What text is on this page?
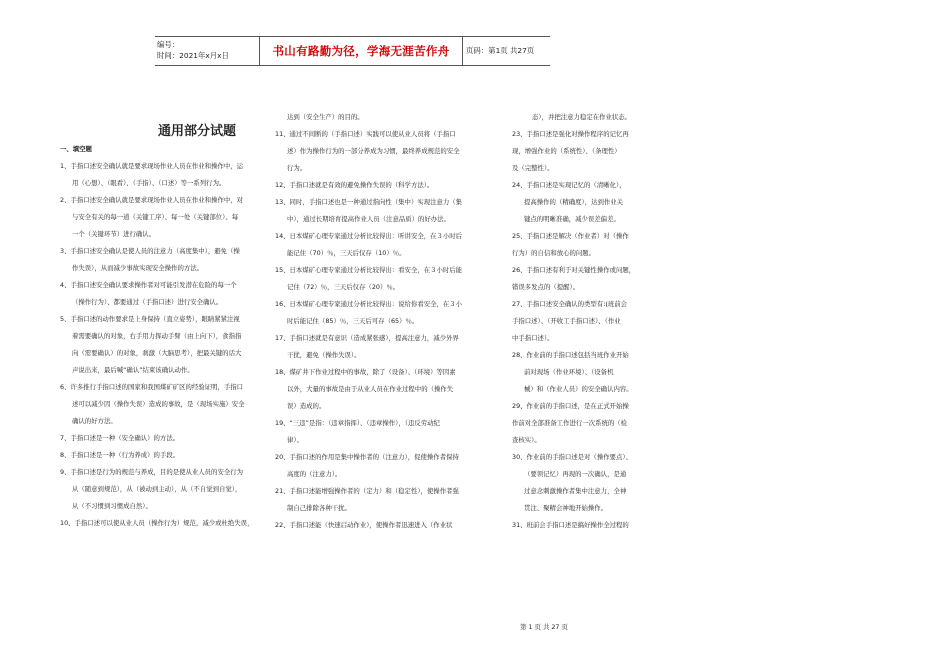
编号：
时间：2021年x月x日	书山有路勤为径，学海无涯苦作舟	页码：第1页 共27页
通用部分试题
一、填空题
1、手指口述安全确认就是要求现场作业人员在作业和操作中，运
用（心想）、（眼看）、（手指）、（口述）等一系列行为。
2、手指口述安全确认就是要求现场作业人员在作业和操作中，对
与安全有关的每一道（关键工序）、每一处（关键部位）、每
一个（关键环节）进行确认。
3、手指口述安全确认是使人员的注意力（高度集中），避免（操
作失误），从而减少事故实现安全操作的方法。
4、手指口述安全确认要求操作者对可能引发潜在危险的每一个
（操作行为）、都要通过（手指口述）进行安全确认。
5、手指口述的动作要求是上身保持（直立姿势），眼睛紧紧注视
着需要确认的对象，右手用力挥动手臂（由上向下），食指指
向（需要确认）的对象，刹激（大脑思考），把最关键的话大
声说出来，最后喊“确认”结束该确认动作。
6、许多推行手指口述的国家和我国煤矿矿区的经验证明，手指口
述可以减少因（操作失误）造成的事故，是（现场实施）安全
确认的好方法。
7、手指口述是一种（安全确认）的方法。
8、手指口述是一种（行为养成）的手段。
9、手指口述是行为的规范与养成，目的是使从业人员的安全行为
从（随意到规范），从（被动到主动），从（不自觉到自觉），
从（不习惯到习惯成自然）。
10、手指口述可以使从业人员（操作行为）规范，减少或杜绝失误，
达到（安全生产）的目的。
11、通过不间断的（手指口述）实践可以使从业人员将（手指口
述）作为操作行为的一部分养成为习惯，最终养成规范的安全
行为。
12、手指口述就是有效的避免操作失误的（科学方法）。
13、同时，手指口述也是一种通过指向性（集中）实现注意力（集
中），通过长期培育提高作业人员（注意品质）的好办法。
14、日本煤矿心理专家通过分析比较得出：听讲安全，在３小时后
能记住（70）％，三天后仅存（10）％。
15、日本煤矿心理专家通过分析比较得出：看安全，在３小时后能
记住（72）％，三天后仅存（20）％。
16、日本煤矿心理专家通过分析比较得出：说给你看安全，在３小
时后能记住（85）％，三天后可存（65）％。
17、手指口述就是有意识（造成紧张感），提高注意力，减少外界
干扰，避免（操作失误）。
18、煤矿井下作业过程中的事故，除了（设备）、（环境）等因素
以外，大量的事故是由于从业人员在作业过程中的（操作失
误）造成的。
19、“三违”是指：（违章指挥）、（违章操作），（违反劳动纪
律）。
20、手指口述的作用是集中操作者的（注意力），促使操作者保持
高度的（注意力）。
21、手指口述能增强操作者的（定力）和（稳定性），使操作者强
制自己排除各种干扰。
22、手指口述能（快速启动作业），使操作者迅速进入（作业状
态），并把注意力稳定在作业状态。
23、手指口述是强化对操作程序的记忆再
现，增强作业的（系统性）、（条理性）
及（完整性）。
24、手指口述是实现记忆的（清晰化），
提高操作的（精确度），达到作业关
键点的明晰准确，减少误差偏差。
25、手指口述是解决（作业者）对（操作
行为）的自信和放心的问题。
26、手指口述有利于对关键性操作或问题，
错误多发点的（提醒）。
27、手指口述安全确认的类型有:(班前会
手指口述）、（开收工手指口述）、（作业
中手指口述）。
28、作业前的手指口述包括当班作业开始
前对现场（作业环境）、（设备机
械）和（作业人员）的安全确认内容。
29、作业前的手指口述，是在正式开始操
作前对全部准备工作进行一次系统的（检
查核实）。
30、作业前的手指口述是对（操作要点）、
（要领记忆）再现的一次确认，是通
过意念刺激操作者集中注意力，全神
贯注、聚精会神地开始操作。
31、班前会手指口述是搞好操作全过程的
第 1 页 共 27 页
